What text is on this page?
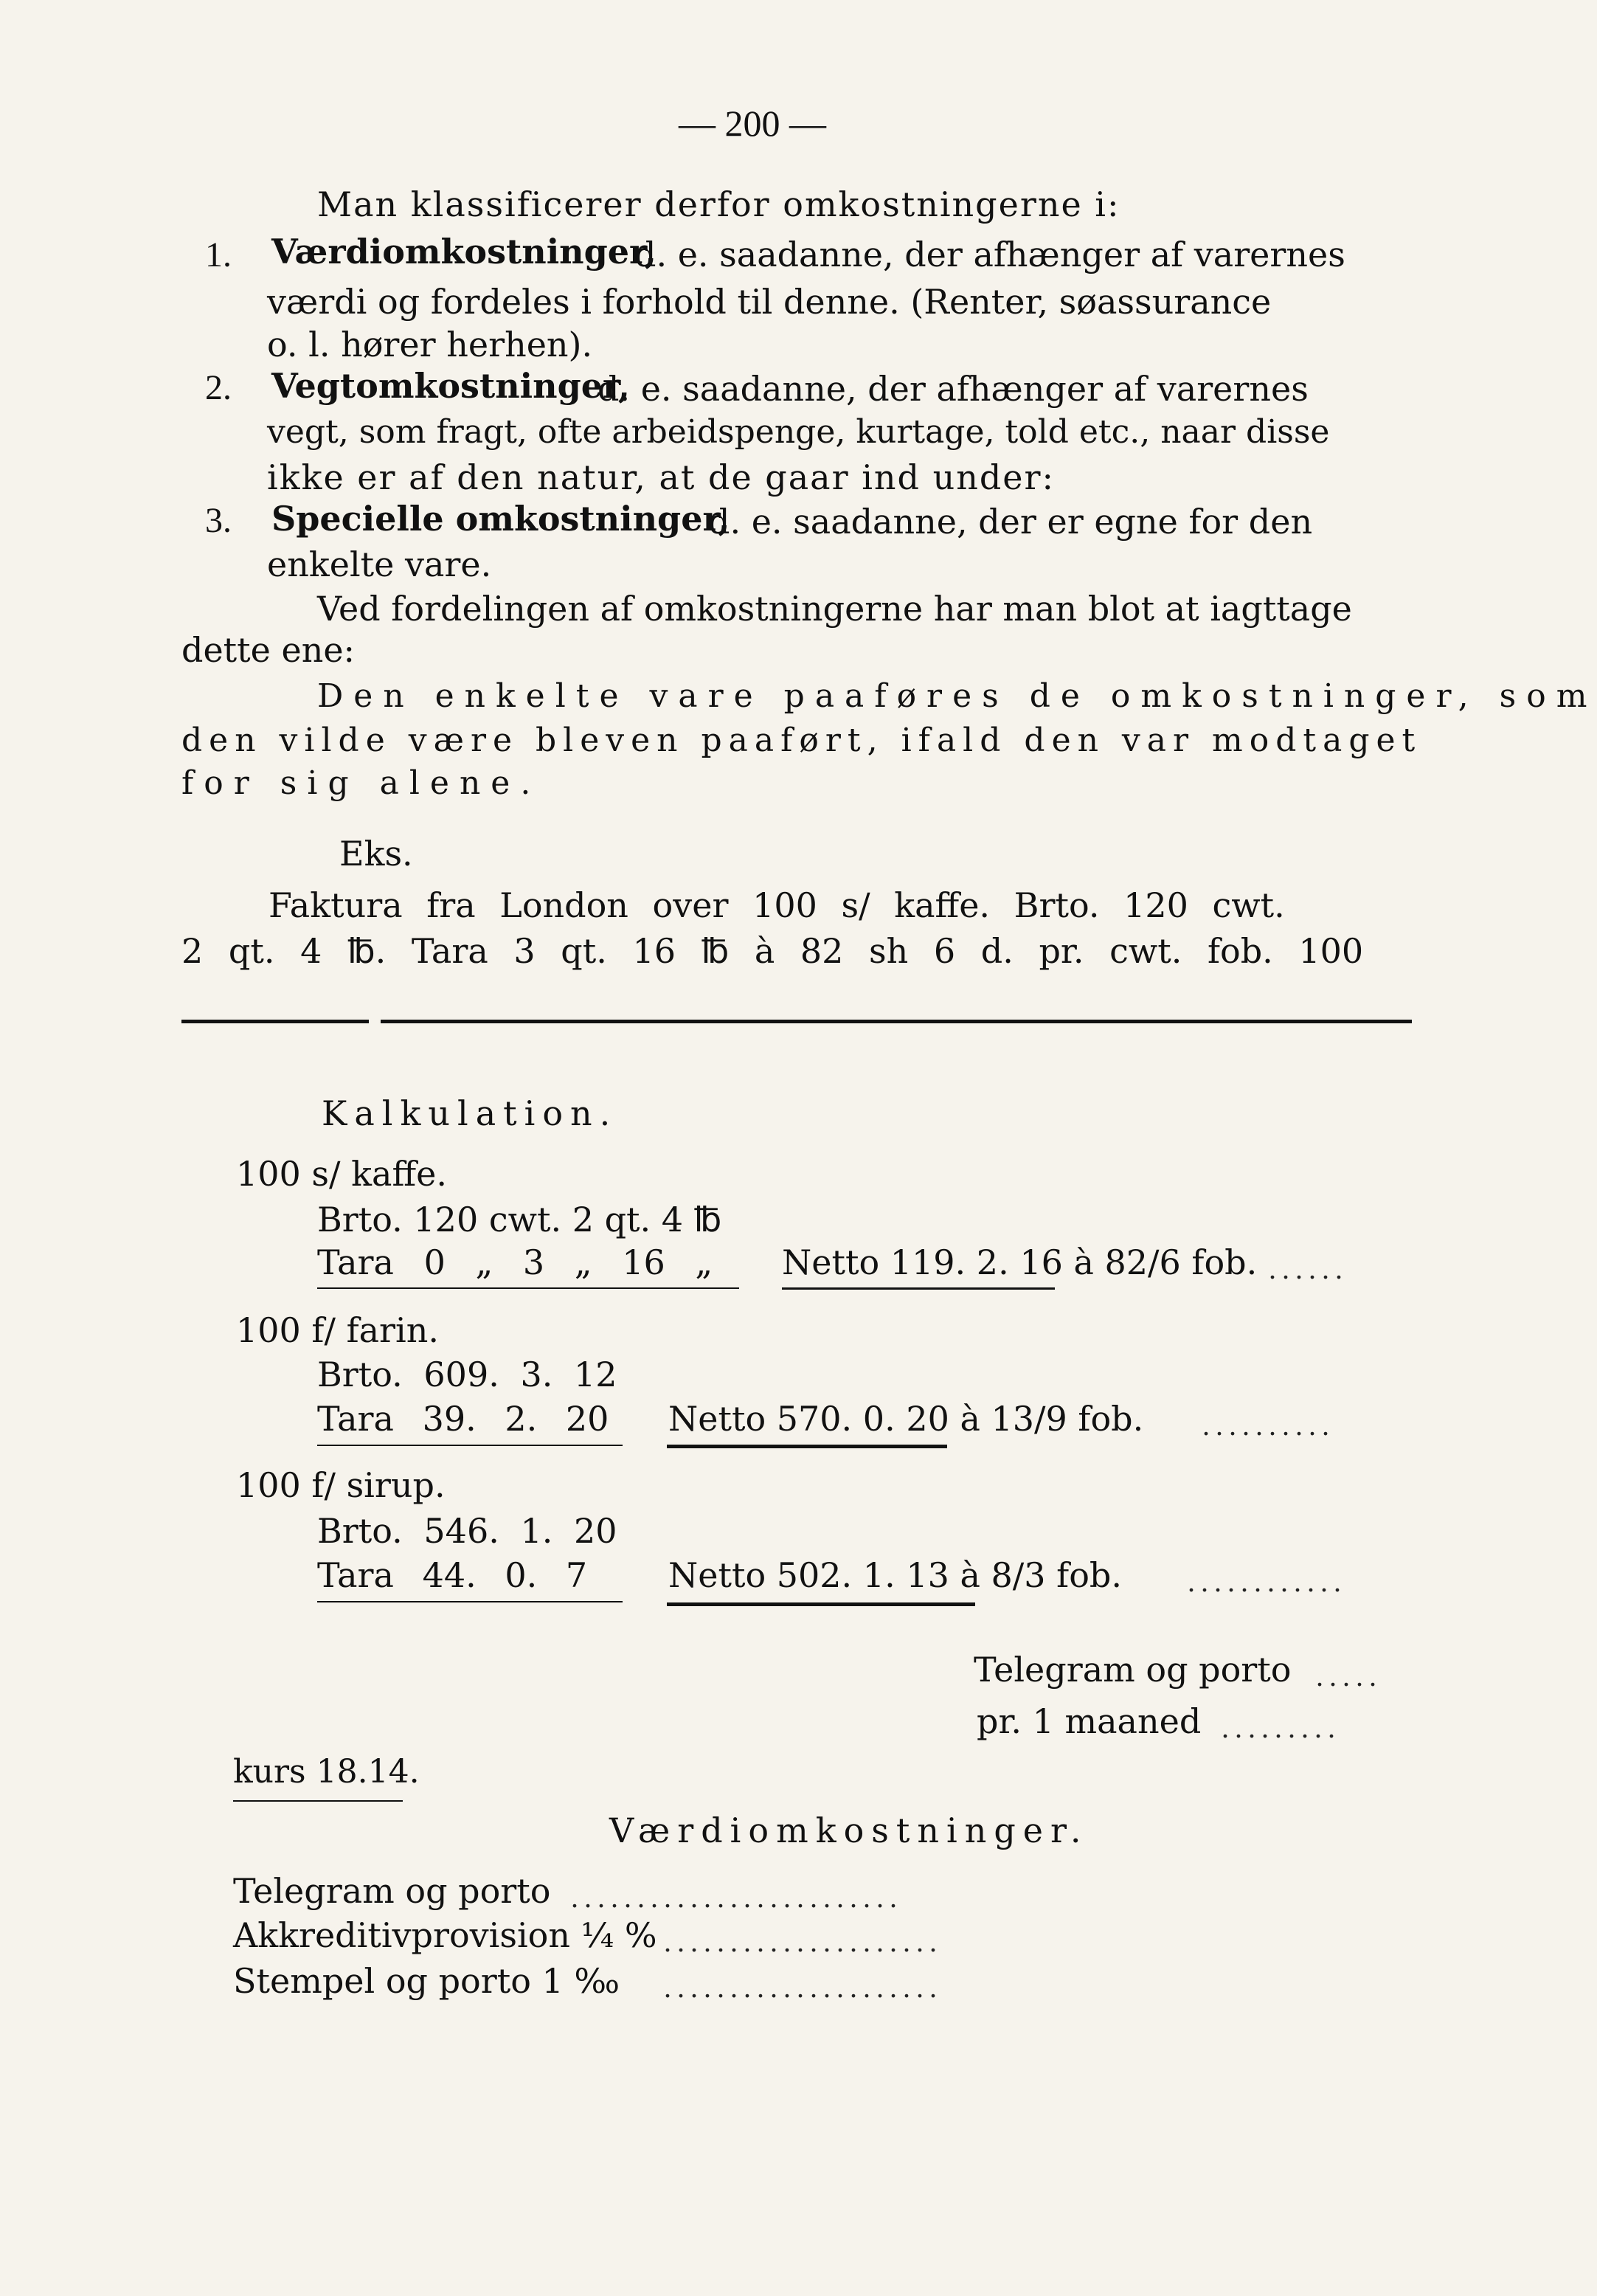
— 200 —
Man klassificerer derfor omkostningerne i:
1. Værdiomkostninger,
d. e. saadanne, der afhænger af varernes
værdi og fordeles i forhold til denne. (Renter, søassurance
o. l. hører herhen).
2. Vegtomkostninger,
d. e. saadanne, der afhænger af varernes
vegt, som fragt, ofte arbeidspenge, kurtage, told etc., naar disse
ikke er af den natur, at de gaar ind under:
3. Specielle omkostninger,
d. e. saadanne, der er egne for den
enkelte vare.
Ved fordelingen af omkostningerne har man blot at iagttage
dette ene:
Den enkelte vare paaføres de omkostninger, som
den vilde være bleven paaført, ifald den var modtaget
for sig alene.
Eks.
Faktura fra London over 100 s/ kaffe. Brto. 120 cwt.
2 qt. 4 ℔. Tara 3 qt. 16 ℔ à 82 sh 6 d. pr. cwt. fob. 100
Kalkulation.
100 s/ kaffe.
Brto. 120 cwt. 2 qt. 4 ℔
Tara 0 „ 3 „ 16 „ Netto 119. 2. 16 à 82/6 fob. ......
100 f/ farin.
Brto. 609. 3. 12
Tara 39. 2. 20 Netto 570. 0. 20 à 13/9 fob. ..........
100 f/ sirup.
Brto. 546. 1. 20
Tara 44. 0. 7 Netto 502. 1. 13 à 8/3 fob. ............
Telegram og porto .....
pr. 1 maaned .........
kurs 18.14.
Værdiomkostninger.
Telegram og porto .........................
Akkreditivprovision ¼ % .....................
Stempel og porto 1 ‰ .....................
